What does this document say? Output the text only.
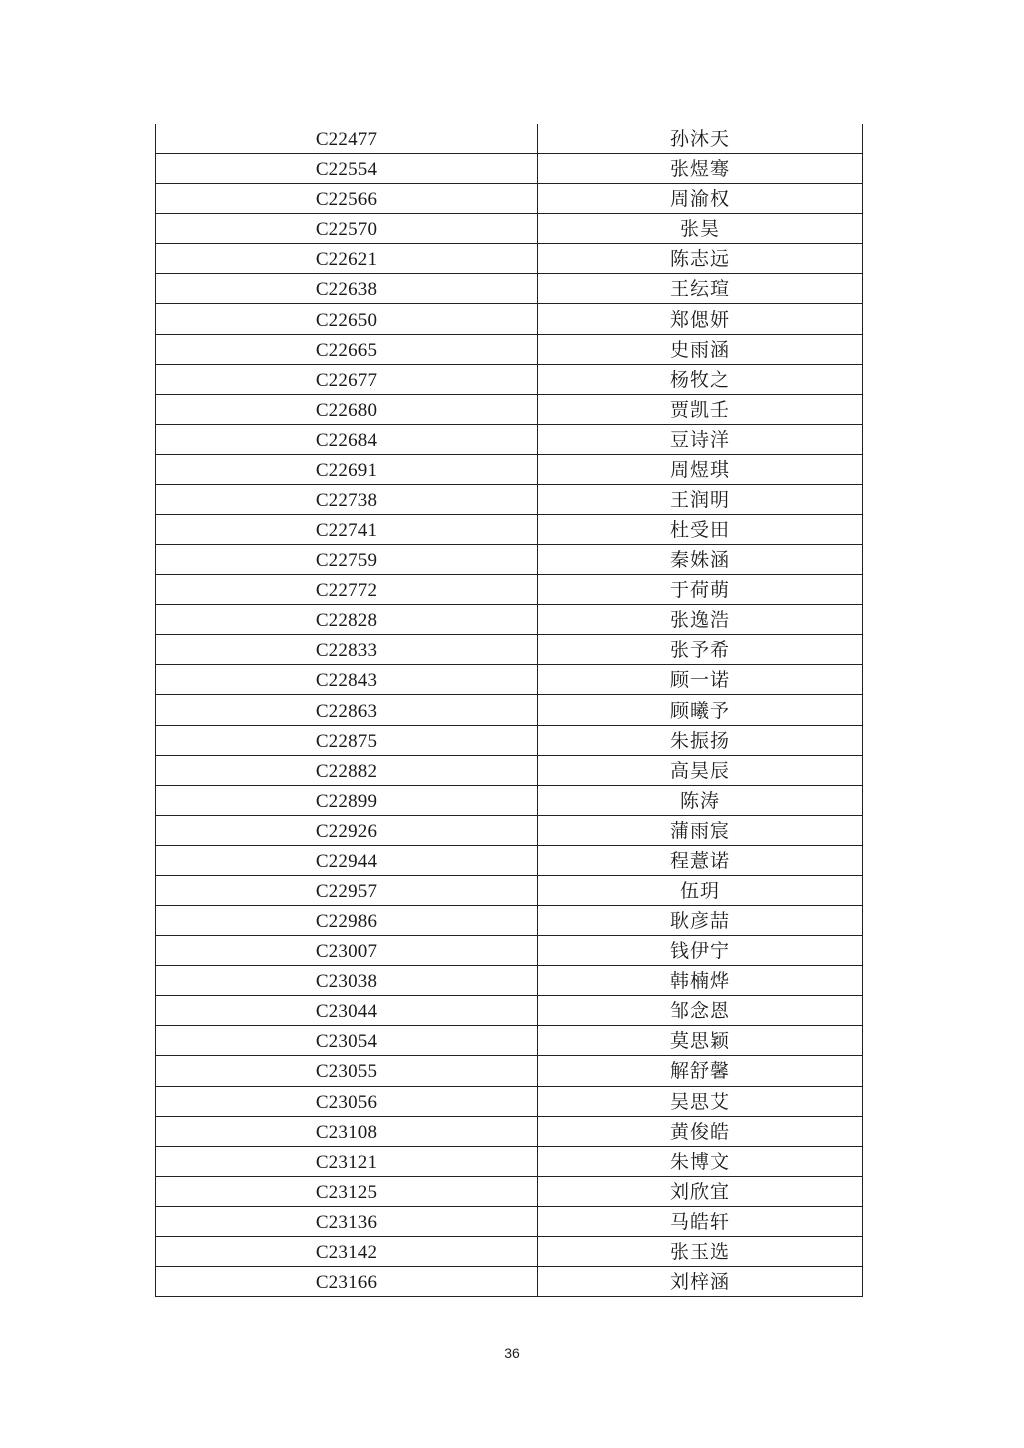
C22477	孙沐天
C22554	张煜骞
C22566	周渝权
C22570	张昊
C22621	陈志远
C22638	王纭瑄
C22650	郑偲妍
C22665	史雨涵
C22677	杨牧之
C22680	贾凯壬
C22684	豆诗洋
C22691	周煜琪
C22738	王润明
C22741	杜受田
C22759	秦姝涵
C22772	于荷萌
C22828	张逸浩
C22833	张予希
C22843	顾一诺
C22863	顾曦予
C22875	朱振扬
C22882	高昊辰
C22899	陈涛
C22926	蒲雨宸
C22944	程薏诺
C22957	伍玥
C22986	耿彦喆
C23007	钱伊宁
C23038	韩楠烨
C23044	邹念恩
C23054	莫思颖
C23055	解舒馨
C23056	吴思艾
C23108	黄俊皓
C23121	朱博文
C23125	刘欣宜
C23136	马皓轩
C23142	张玉选
C23166	刘梓涵
36
